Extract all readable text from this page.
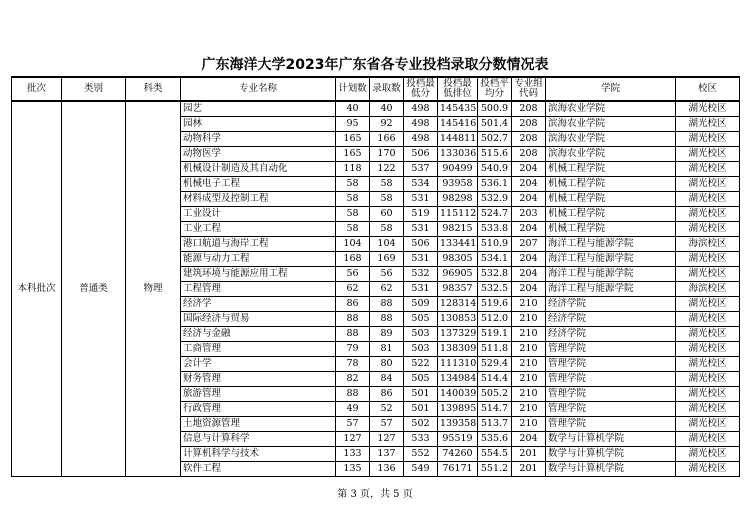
广东海洋大学2023年广东省各专业投档录取分数情况表
批次	类别	科类	专业名称	计划数	录取数	投档最低分	投档最低排位	投档平均分	专业组代码	学院	校区
本科批次	普通类	物理	园艺	40	40	498	145435	500.9	208	滨海农业学院	湖光校区
			园林	95	92	498	145416	501.4	208	滨海农业学院	湖光校区
			动物科学	165	166	498	144811	502.7	208	滨海农业学院	湖光校区
			动物医学	165	170	506	133036	515.6	208	滨海农业学院	湖光校区
			机械设计制造及其自动化	118	122	537	90499	540.9	204	机械工程学院	湖光校区
			机械电子工程	58	58	534	93958	536.1	204	机械工程学院	湖光校区
			材料成型及控制工程	58	58	531	98298	532.9	204	机械工程学院	湖光校区
			工业设计	58	60	519	115112	524.7	203	机械工程学院	湖光校区
			工业工程	58	58	531	98215	533.8	204	机械工程学院	湖光校区
			港口航道与海岸工程	104	104	506	133441	510.9	207	海洋工程与能源学院	海滨校区
			能源与动力工程	168	169	531	98305	534.1	204	海洋工程与能源学院	湖光校区
			建筑环境与能源应用工程	56	56	532	96905	532.8	204	海洋工程与能源学院	湖光校区
			工程管理	62	62	531	98357	532.5	204	海洋工程与能源学院	海滨校区
			经济学	86	88	509	128314	519.6	210	经济学院	湖光校区
			国际经济与贸易	88	88	505	130853	512.0	210	经济学院	湖光校区
			经济与金融	88	89	503	137329	519.1	210	经济学院	湖光校区
			工商管理	79	81	503	138309	511.8	210	管理学院	湖光校区
			会计学	78	80	522	111310	529.4	210	管理学院	湖光校区
			财务管理	82	84	505	134984	514.4	210	管理学院	湖光校区
			旅游管理	88	86	501	140039	505.2	210	管理学院	湖光校区
			行政管理	49	52	501	139895	514.7	210	管理学院	湖光校区
			土地资源管理	57	57	502	139358	513.7	210	管理学院	湖光校区
			信息与计算科学	127	127	533	95519	535.6	204	数学与计算机学院	湖光校区
			计算机科学与技术	133	137	552	74260	554.5	201	数学与计算机学院	湖光校区
			软件工程	135	136	549	76171	551.2	201	数学与计算机学院	湖光校区
第 3 页，共 5 页
